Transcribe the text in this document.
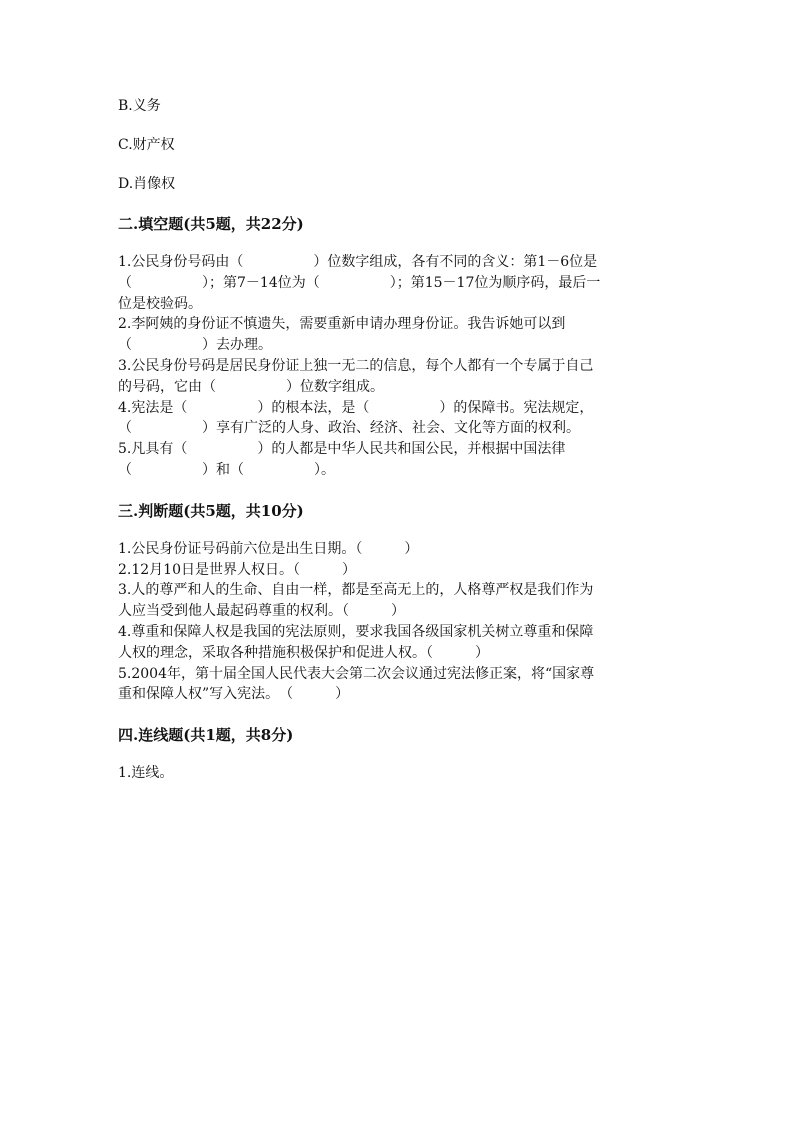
B.义务
C.财产权
D.肖像权
二.填空题(共5题，共22分)
1.公民身份号码由（　　　　　）位数字组成，各有不同的含义：第1－6位是
（　　　　　）；第7－14位为（　　　　　）；第15－17位为顺序码，最后一
位是校验码。
2.李阿姨的身份证不慎遗失，需要重新申请办理身份证。我告诉她可以到
（　　　　　）去办理。
3.公民身份号码是居民身份证上独一无二的信息，每个人都有一个专属于自己
的号码，它由（　　　　　）位数字组成。
4.宪法是（　　　　　）的根本法，是（　　　　　）的保障书。宪法规定，
（　　　　　）享有广泛的人身、政治、经济、社会、文化等方面的权利。
5.凡具有（　　　　　）的人都是中华人民共和国公民，并根据中国法律
（　　　　　）和（　　　　　）。
三.判断题(共5题，共10分)
1.公民身份证号码前六位是出生日期。（　　　）
2.12月10日是世界人权日。（　　　）
3.人的尊严和人的生命、自由一样，都是至高无上的，人格尊严权是我们作为
人应当受到他人最起码尊重的权利。（　　　）
4.尊重和保障人权是我国的宪法原则，要求我国各级国家机关树立尊重和保障
人权的理念，采取各种措施积极保护和促进人权。（　　　）
5.2004年，第十届全国人民代表大会第二次会议通过宪法修正案，将“国家尊
重和保障人权”写入宪法。　（　　　）
四.连线题(共1题，共8分)
1.连线。
